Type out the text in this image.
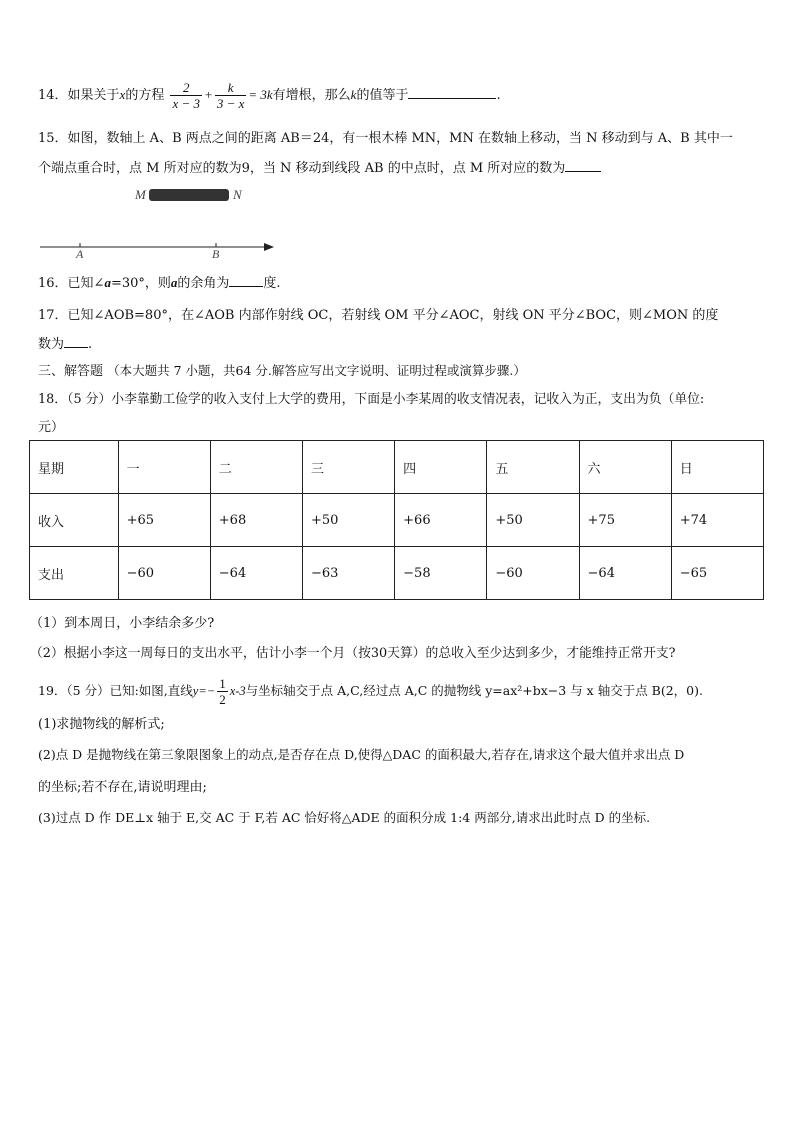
14．如果关于x的方程 $\frac{2}{x - 3} + \frac{k}{3 - x} = 3k$有增根，那么k的值等于	.
15．如图，数轴上 A、B 两点之间的距离 AB＝24，有一根木棒 MN，MN 在数轴上移动，当 N 移动到与 A、B 其中一
个端点重合时，点 M 所对应的数为9，当 N 移动到线段 AB 的中点时，点 M 所对应的数为
M	N
A	B
16．已知∠a=30°，则a的余角为	度.
17．已知∠AOB=80°，在∠AOB 内部作射线 OC，若射线 OM 平分∠AOC，射线 ON 平分∠BOC，则∠MON 的度
数为 .
三、解答题 （本大题共 7 小题，共64 分.解答应写出文字说明、证明过程或演算步骤.）
18．（5 分）小李靠勤工俭学的收入支付上大学的费用，下面是小李某周的收支情况表，记收入为正，支出为负（单位:
元）
星期	一	二	三	四	五	六	日
收入	+65	+68	+50	+66	+50	+75	+74
支出	−60	−64	−63	−58	−60	−64	−65
（1）到本周日，小李结余多少?
（2）根据小李这一周每日的支出水平，估计小李一个月（按30天算）的总收入至少达到多少，才能维持正常开支?
19．（5 分）已知:如图,直线$y=- \frac{1}{2} x-3$与坐标轴交于点 A,C,经过点 A,C 的抛物线 y=ax²+bx−3 与 x 轴交于点 B(2，0).
(1)求抛物线的解析式;
(2)点 D 是抛物线在第三象限图象上的动点,是否存在点 D,使得△DAC 的面积最大,若存在,请求这个最大值并求出点 D
的坐标;若不存在,请说明理由;
(3)过点 D 作 DE⊥x 轴于 E,交 AC 于 F,若 AC 恰好将△ADE 的面积分成 1:4 两部分,请求出此时点 D 的坐标.
